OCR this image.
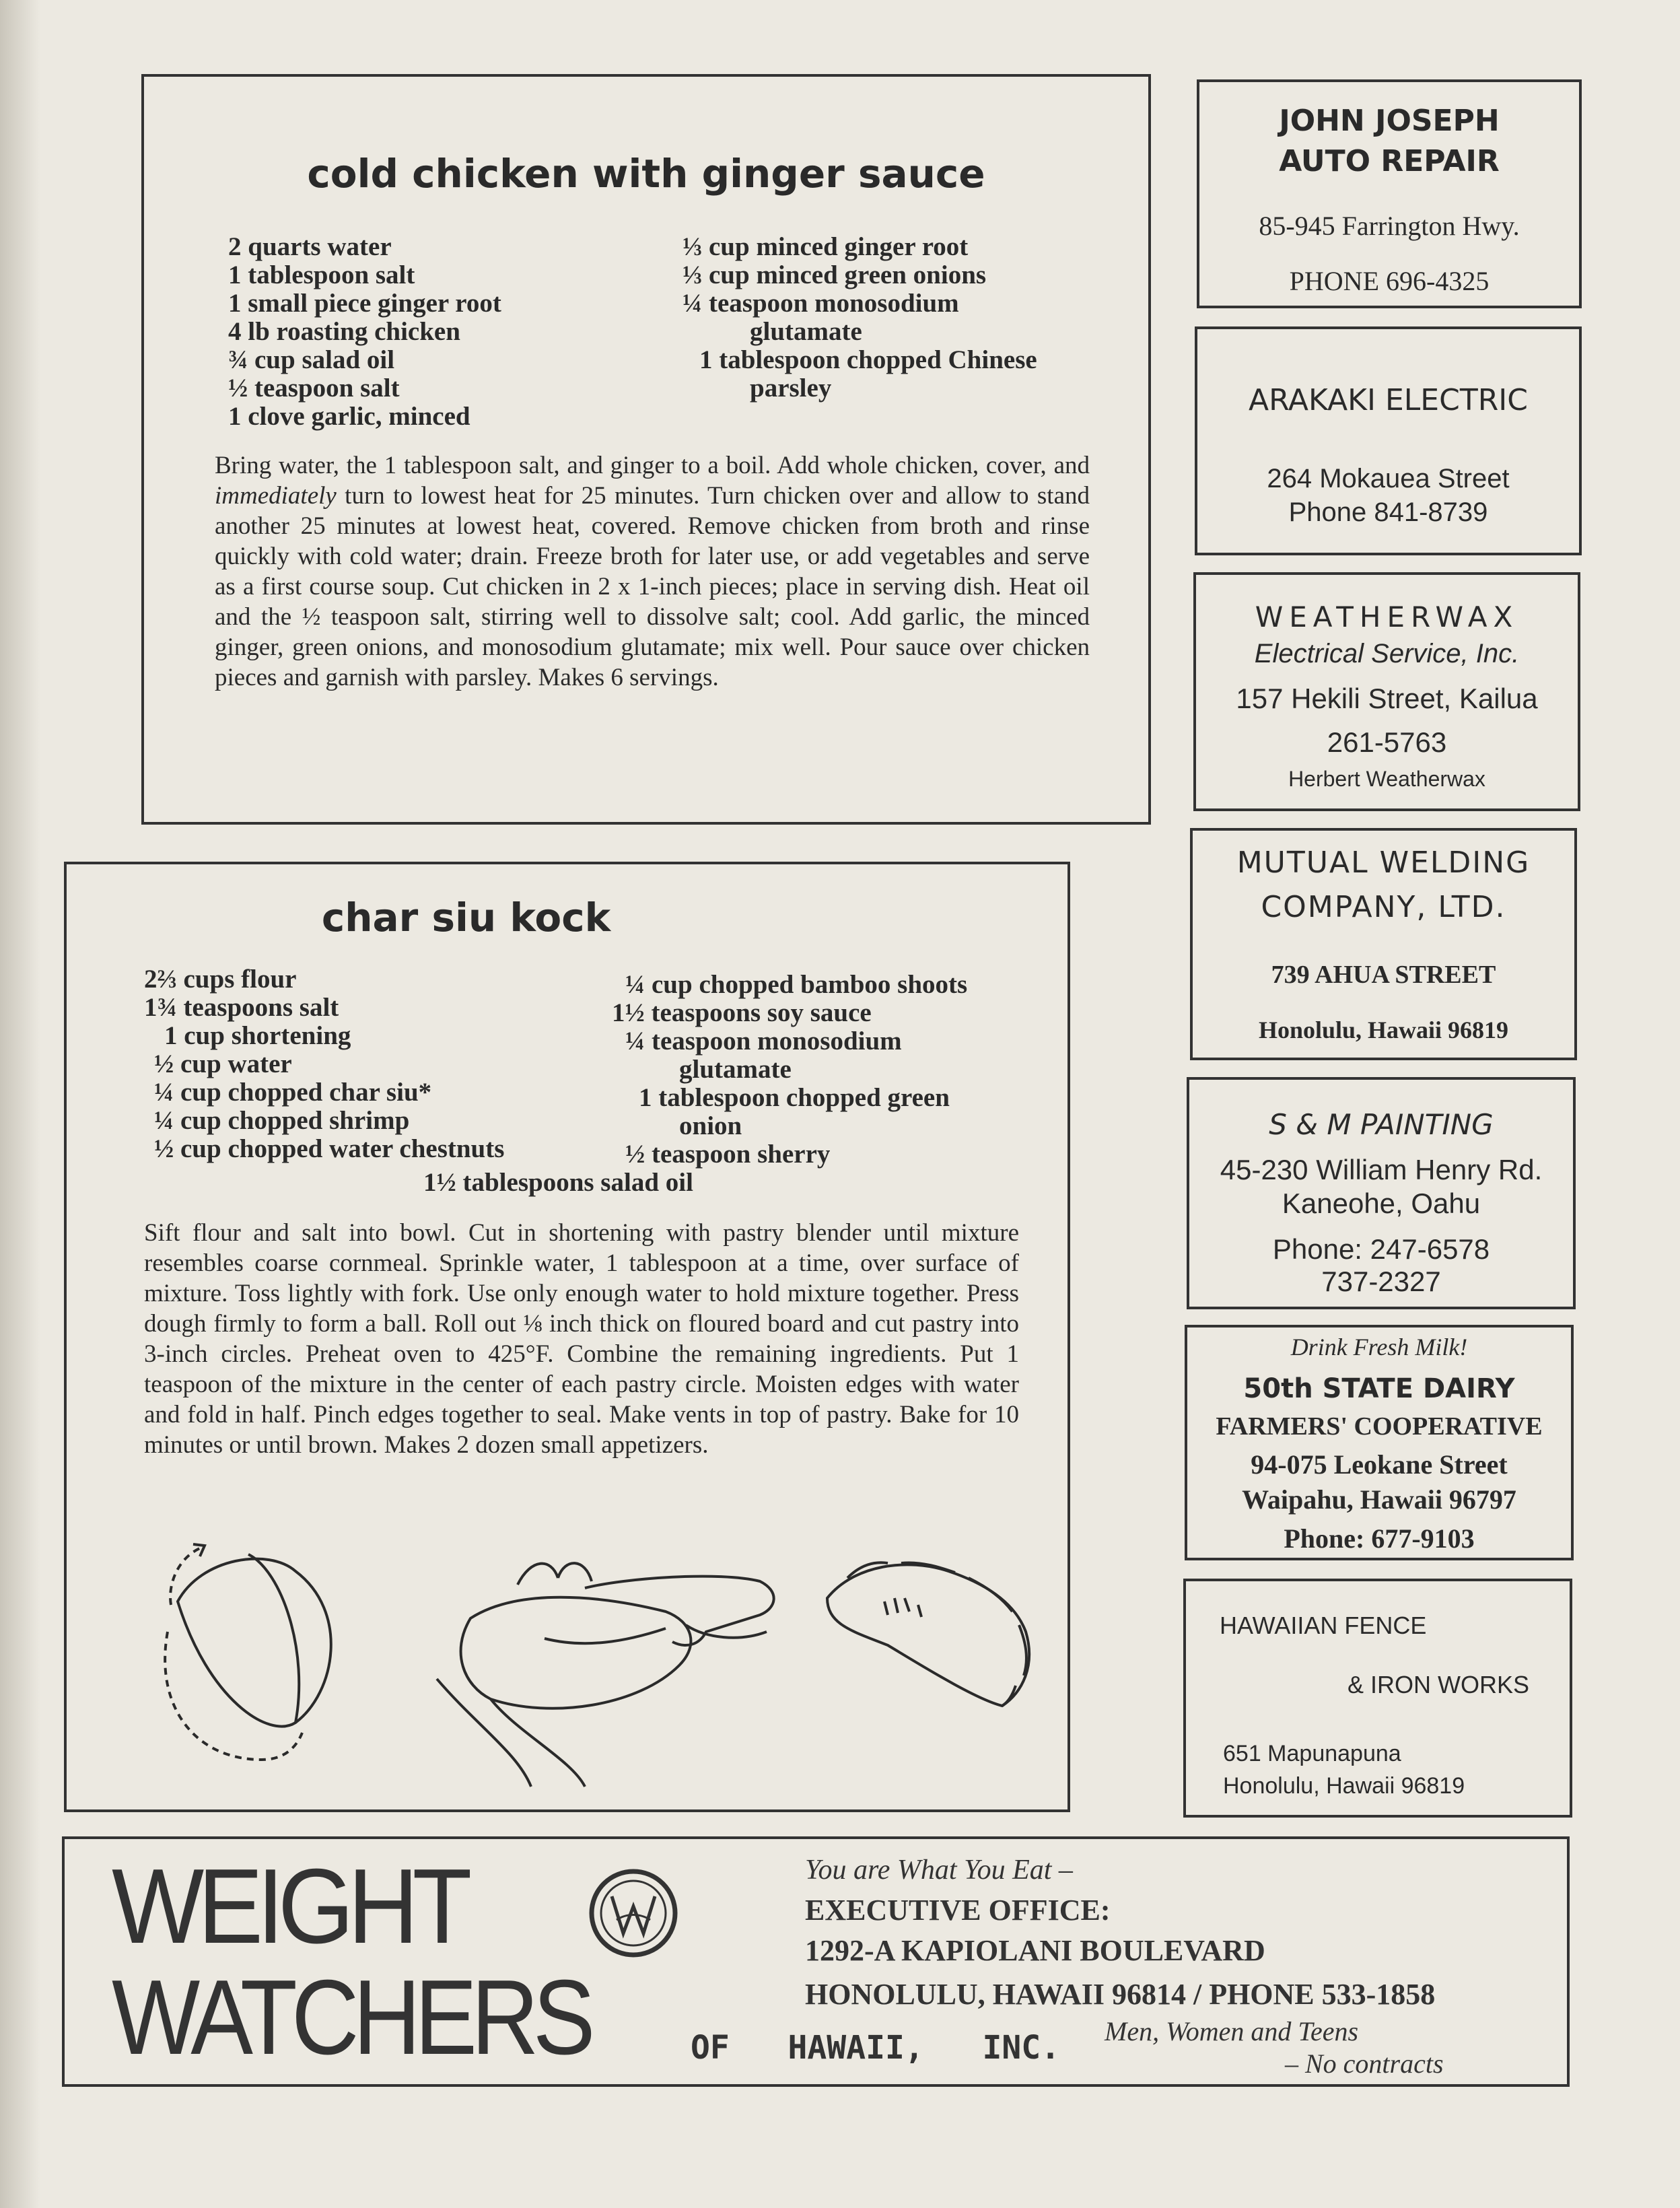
cold chicken with ginger sauce
2 quarts water
1 tablespoon salt
1 small piece ginger root
4 lb roasting chicken
¾ cup salad oil
½ teaspoon salt
1 clove garlic, minced
⅓ cup minced ginger root
⅓ cup minced green onions
¼ teaspoon monosodium
glutamate
1 tablespoon chopped Chinese
parsley
Bring water, the 1 tablespoon salt, and ginger to a boil. Add whole chicken, cover, and immediately turn to lowest heat for 25 minutes. Turn chicken over and allow to stand another 25 minutes at lowest heat, covered. Remove chicken from broth and rinse quickly with cold water; drain. Freeze broth for later use, or add vegetables and serve as a first course soup. Cut chicken in 2 x 1-inch pieces; place in serving dish. Heat oil and the ½ teaspoon salt, stirring well to dissolve salt; cool. Add garlic, the minced ginger, green onions, and monosodium glutamate; mix well. Pour sauce over chicken pieces and garnish with parsley. Makes 6 servings.
char siu kock
2⅔ cups flour
1¾ teaspoons salt
1 cup shortening
½ cup water
¼ cup chopped char siu*
¼ cup chopped shrimp
½ cup chopped water chestnuts
¼ cup chopped bamboo shoots
1½ teaspoons soy sauce
¼ teaspoon monosodium
glutamate
1 tablespoon chopped green
onion
½ teaspoon sherry
1½ tablespoons salad oil
Sift flour and salt into bowl. Cut in shortening with pastry blender until mixture resembles coarse cornmeal. Sprinkle water, 1 tablespoon at a time, over surface of mixture. Toss lightly with fork. Use only enough water to hold mixture together. Press dough firmly to form a ball. Roll out ⅛ inch thick on floured board and cut pastry into 3-inch circles. Preheat oven to 425°F. Combine the remaining ingredients. Put 1 teaspoon of the mixture in the center of each pastry circle. Moisten edges with water and fold in half. Pinch edges together to seal. Make vents in top of pastry. Bake for 10 minutes or until brown. Makes 2 dozen small appetizers.
JOHN JOSEPH
AUTO REPAIR
85-945 Farrington Hwy.
PHONE 696-4325
ARAKAKI ELECTRIC
264 Mokauea Street
Phone 841-8739
WEATHERWAX
Electrical Service, Inc.
157 Hekili Street, Kailua
261-5763
Herbert Weatherwax
MUTUAL WELDING
COMPANY, LTD.
739 AHUA STREET
Honolulu, Hawaii 96819
S & M PAINTING
45-230 William Henry Rd.
Kaneohe, Oahu
Phone: 247-6578
737-2327
Drink Fresh Milk!
50th STATE DAIRY
FARMERS' COOPERATIVE
94-075 Leokane Street
Waipahu, Hawaii 96797
Phone: 677-9103
HAWAIIAN FENCE
& IRON WORKS
651 Mapunapuna
Honolulu, Hawaii 96819
WEIGHT
WATCHERS	OF   HAWAII,   INC.
You are What You Eat –
EXECUTIVE OFFICE:
1292-A KAPIOLANI BOULEVARD
HONOLULU, HAWAII 96814 / PHONE 533-1858
Men, Women and Teens
– No contracts
